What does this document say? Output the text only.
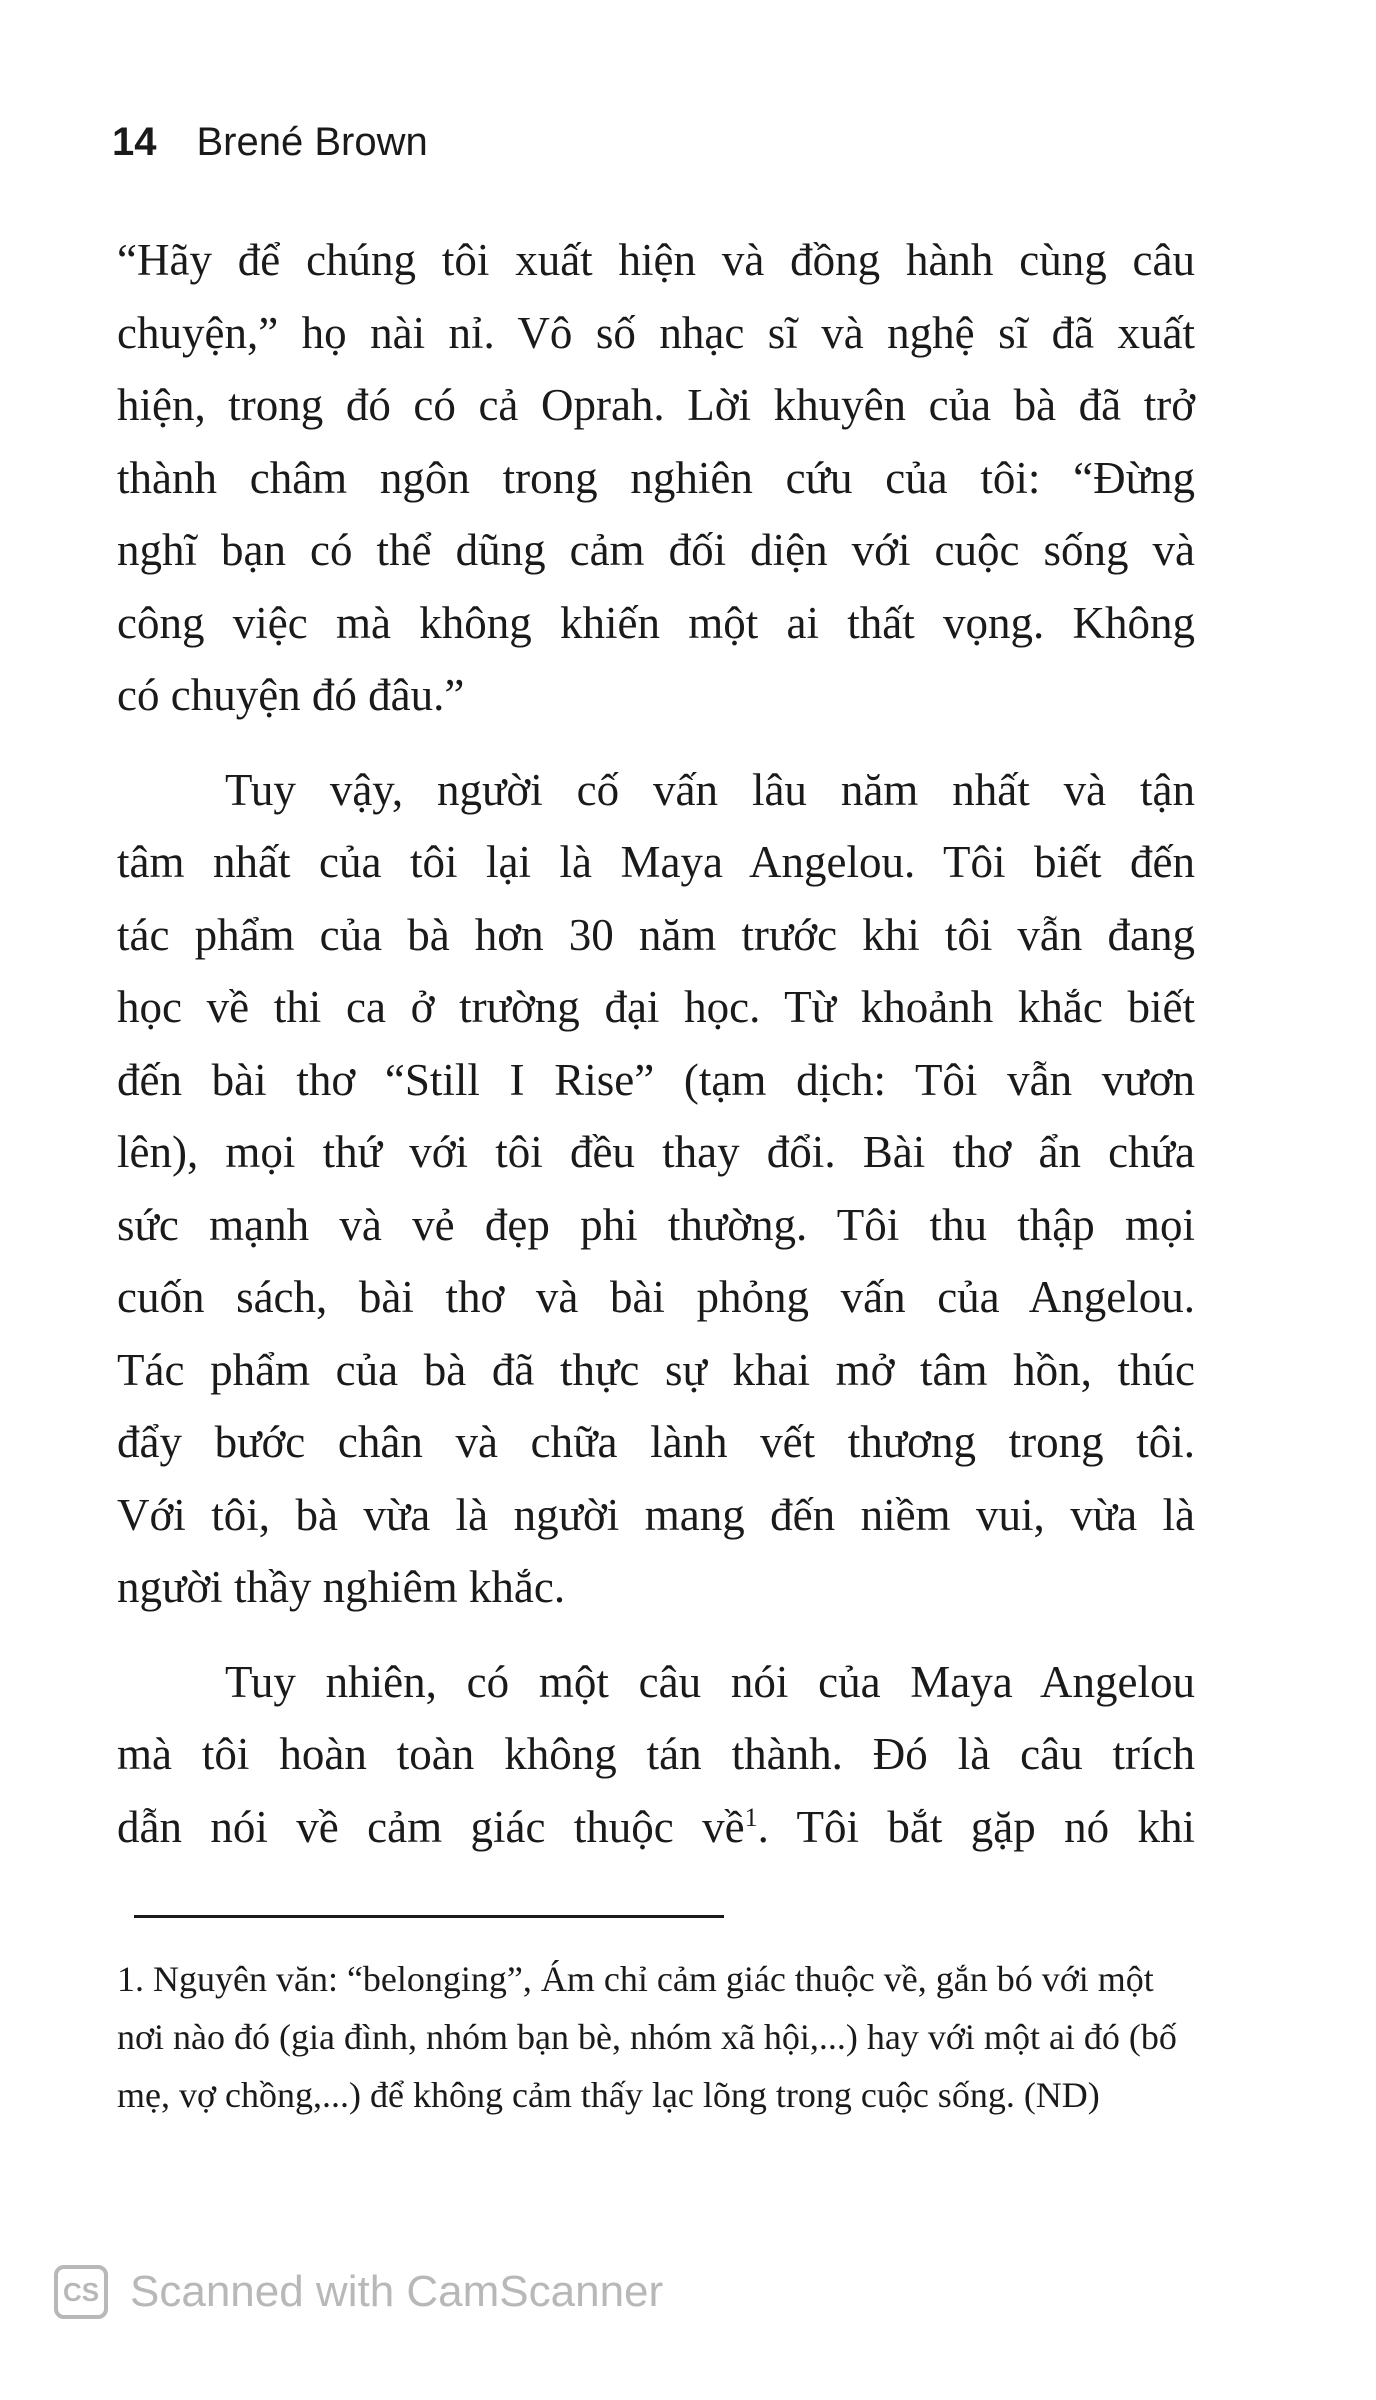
14 Brené Brown
“Hãy để chúng tôi xuất hiện và đồng hành cùng câu
chuyện,” họ nài nỉ. Vô số nhạc sĩ và nghệ sĩ đã xuất
hiện, trong đó có cả Oprah. Lời khuyên của bà đã trở
thành châm ngôn trong nghiên cứu của tôi: “Đừng
nghĩ bạn có thể dũng cảm đối diện với cuộc sống và
công việc mà không khiến một ai thất vọng. Không
có chuyện đó đâu.”
Tuy vậy, người cố vấn lâu năm nhất và tận
tâm nhất của tôi lại là Maya Angelou. Tôi biết đến
tác phẩm của bà hơn 30 năm trước khi tôi vẫn đang
học về thi ca ở trường đại học. Từ khoảnh khắc biết
đến bài thơ “Still I Rise” (tạm dịch: Tôi vẫn vươn
lên), mọi thứ với tôi đều thay đổi. Bài thơ ẩn chứa
sức mạnh và vẻ đẹp phi thường. Tôi thu thập mọi
cuốn sách, bài thơ và bài phỏng vấn của Angelou.
Tác phẩm của bà đã thực sự khai mở tâm hồn, thúc
đẩy bước chân và chữa lành vết thương trong tôi.
Với tôi, bà vừa là người mang đến niềm vui, vừa là
người thầy nghiêm khắc.
Tuy nhiên, có một câu nói của Maya Angelou
mà tôi hoàn toàn không tán thành. Đó là câu trích
dẫn nói về cảm giác thuộc về$^1$. Tôi bắt gặp nó khi
1. Nguyên văn: “belonging”, Ám chỉ cảm giác thuộc về, gắn bó với một nơi nào đó (gia đình, nhóm bạn bè, nhóm xã hội,...) hay với một ai đó (bố mẹ, vợ chồng,...) để không cảm thấy lạc lõng trong cuộc sống. (ND)
CS Scanned with CamScanner
